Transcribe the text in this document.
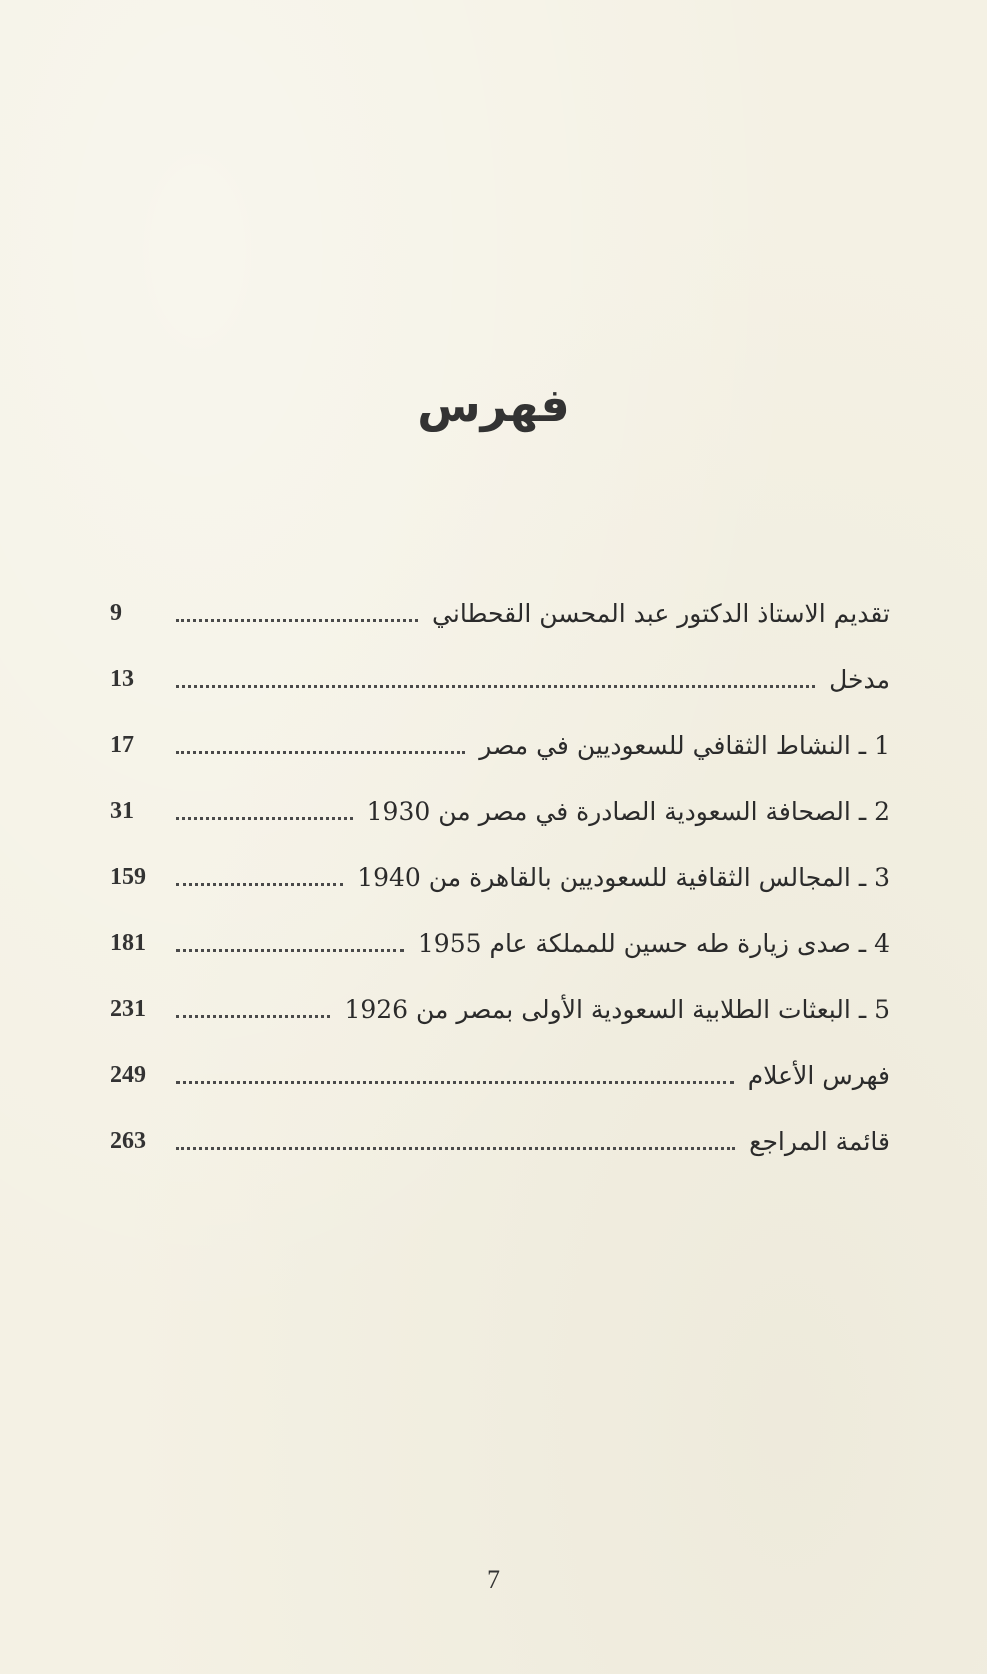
فهرس
تقديم الاستاذ الدكتور عبد المحسن القحطاني
9
مدخل
13
1 ـ النشاط الثقافي للسعوديين في مصر
17
2 ـ الصحافة السعودية الصادرة في مصر من 1930
31
3 ـ المجالس الثقافية للسعوديين بالقاهرة من 1940
159
4 ـ صدى زيارة طه حسين للمملكة عام 1955
181
5 ـ البعثات الطلابية السعودية الأولى بمصر من 1926
231
فهرس الأعلام
249
قائمة المراجع
263
7
